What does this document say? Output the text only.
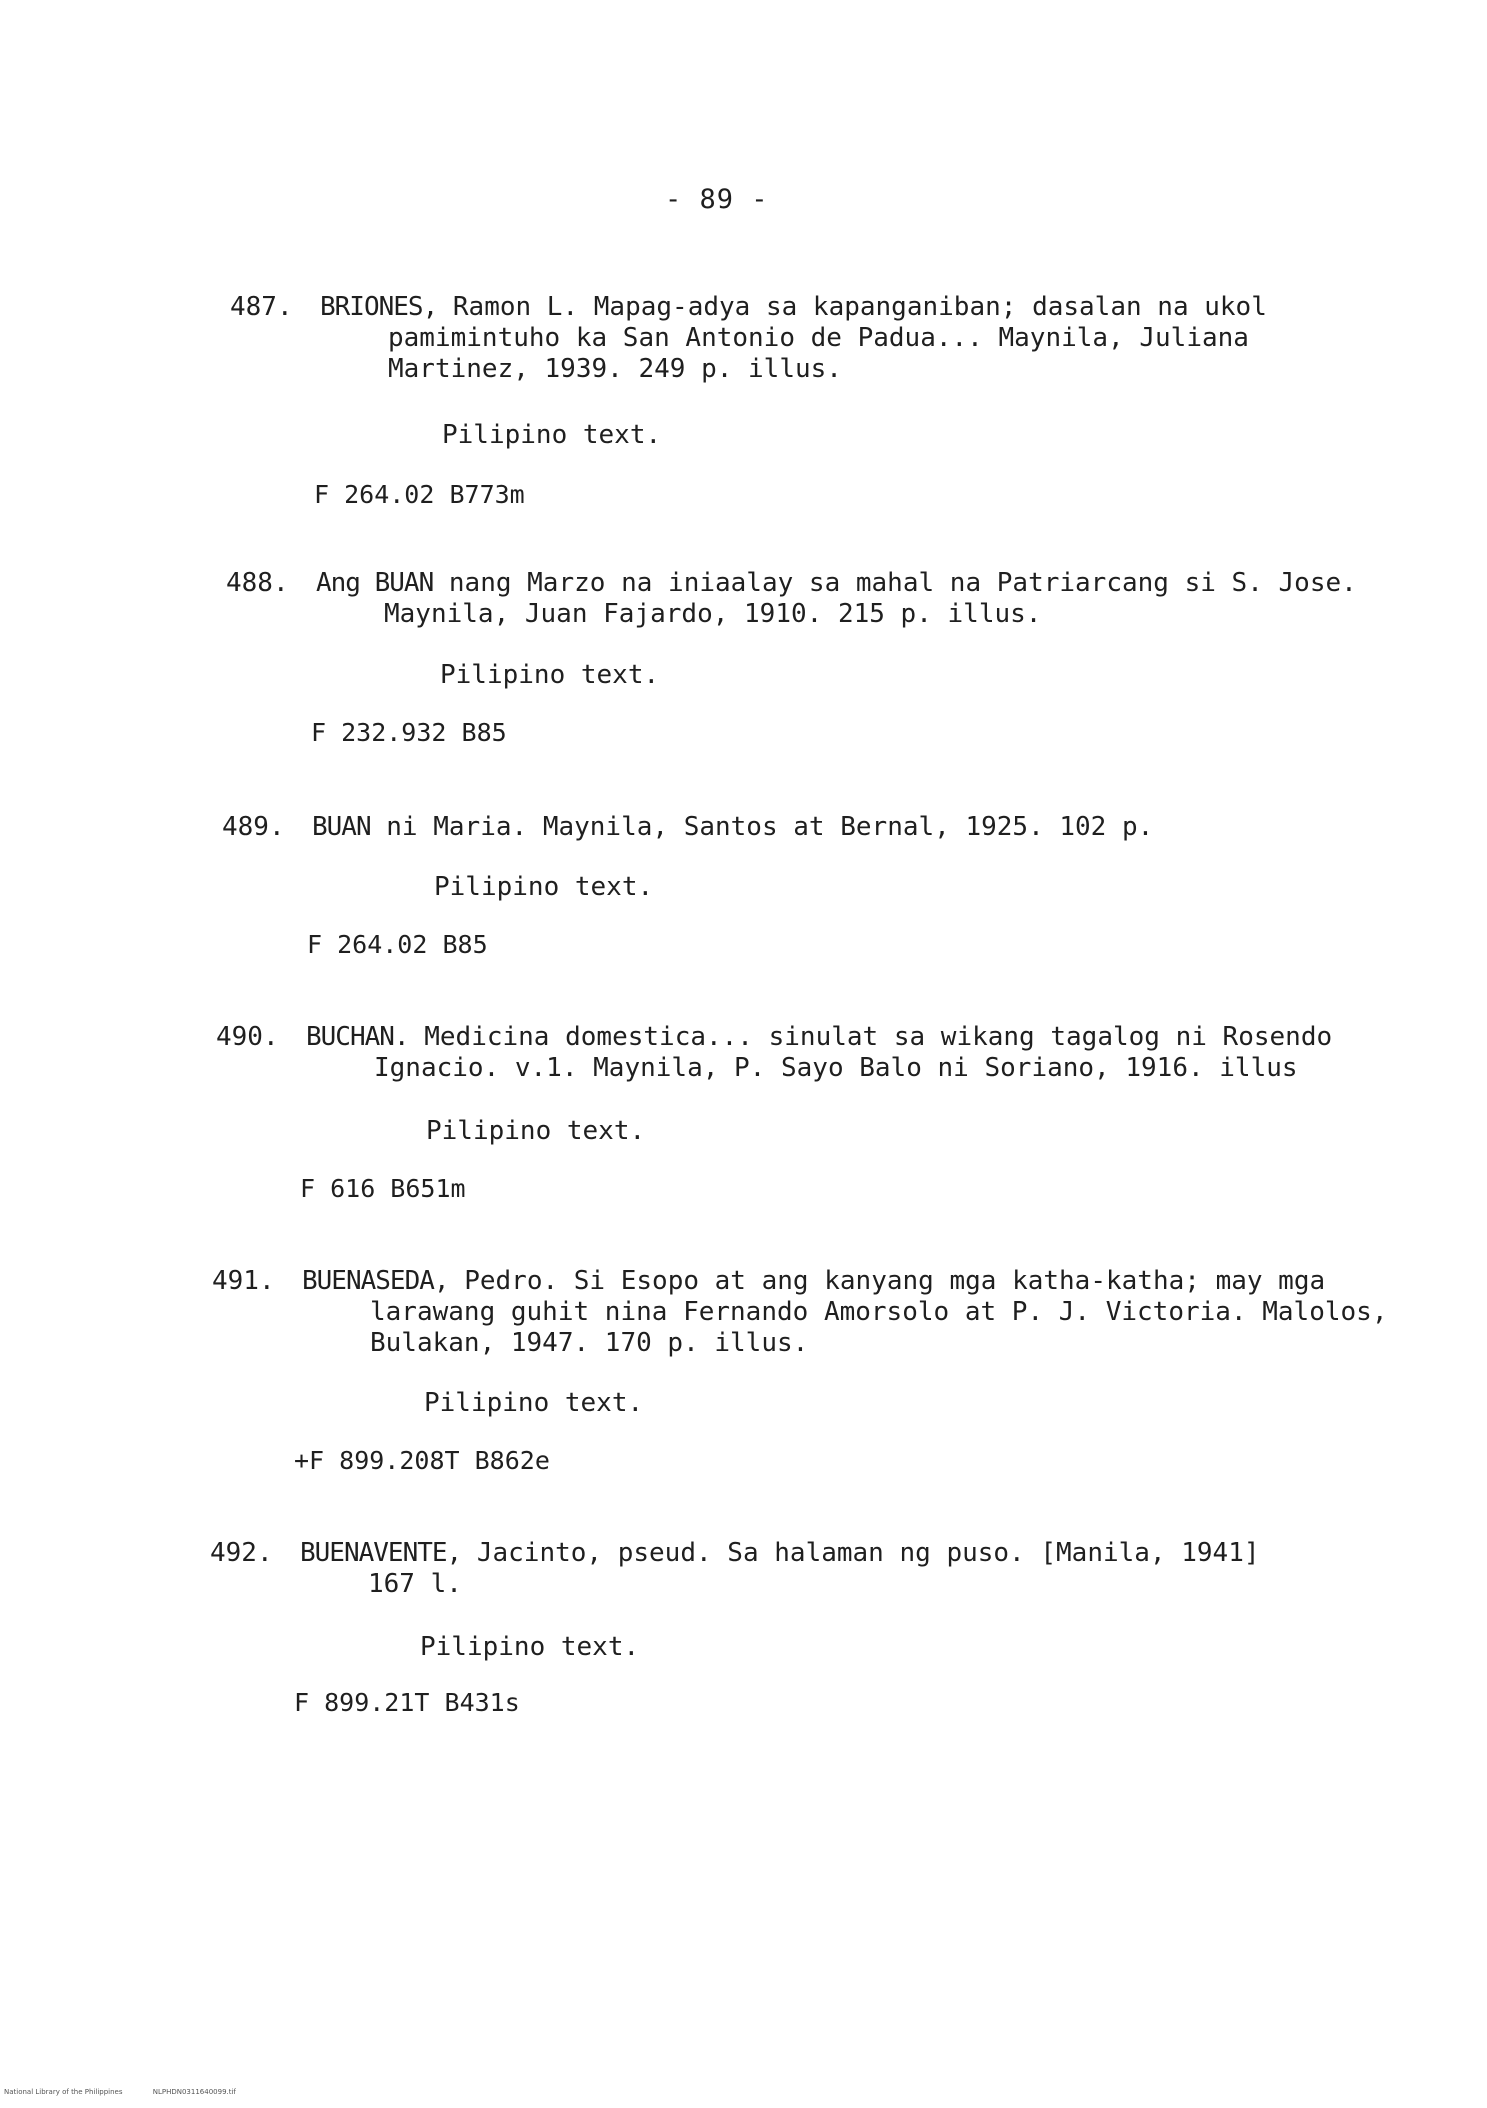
- 89 -
487. BRIONES, Ramon L. Mapag-adya sa kapanganiban; dasalan na ukol
pamimintuho ka San Antonio de Padua... Maynila, Juliana
Martinez, 1939. 249 p. illus.
Pilipino text.
F 264.02 B773m
488. Ang BUAN nang Marzo na iniaalay sa mahal na Patriarcang si S. Jose.
Maynila, Juan Fajardo, 1910. 215 p. illus.
Pilipino text.
F 232.932 B85
489. BUAN ni Maria. Maynila, Santos at Bernal, 1925. 102 p.
Pilipino text.
F 264.02 B85
490. BUCHAN. Medicina domestica... sinulat sa wikang tagalog ni Rosendo
Ignacio. v.1. Maynila, P. Sayo Balo ni Soriano, 1916. illus
Pilipino text.
F 616 B651m
491. BUENASEDA, Pedro. Si Esopo at ang kanyang mga katha-katha; may mga
larawang guhit nina Fernando Amorsolo at P. J. Victoria. Malolos,
Bulakan, 1947. 170 p. illus.
Pilipino text.
+F 899.208T B862e
492. BUENAVENTE, Jacinto, pseud. Sa halaman ng puso. [Manila, 1941]
167 l.
Pilipino text.
F 899.21T B431s
National Library of the Philippines	NLPHDN0311640099.tif
